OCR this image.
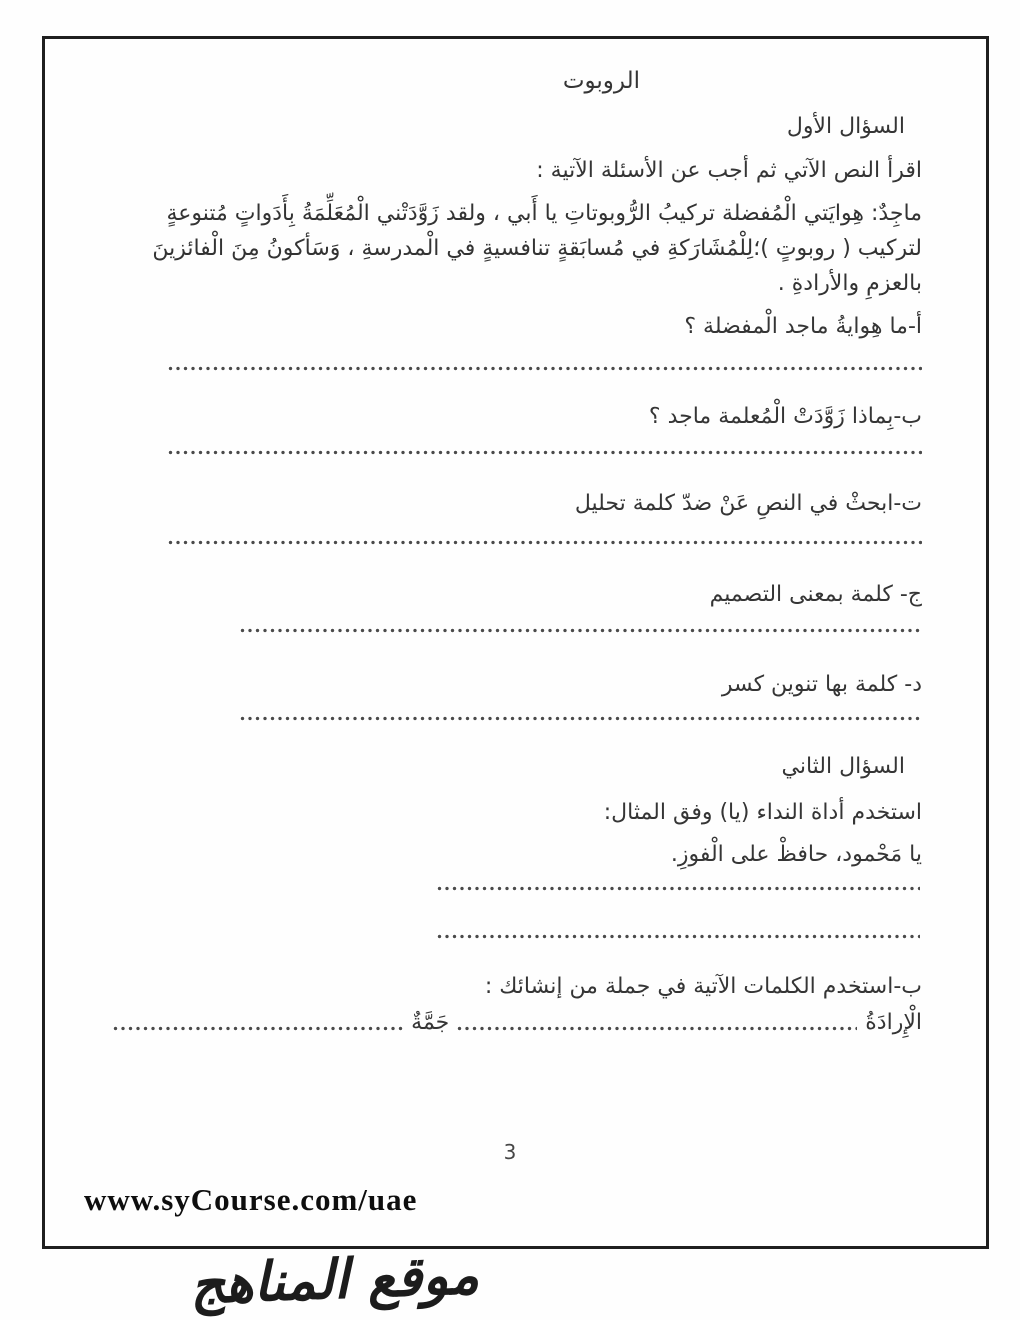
الروبوت
السؤال الأول
اقرأ النص الآتي ثم أجب عن الأسئلة الآتية :
ماجِدٌ: هِوايَتي الْمُفضلة تركيبُ الرُّوبوتاتِ يا أَبي ، ولقد زَوَّدَتْني الْمُعَلِّمَةُ بِأَدَواتٍ مُتنوعةٍ لتركيب ( روبوتٍ )؛لِلْمُشَارَكةِ في مُسابَقةٍ تنافسيةٍ في الْمدرسةِ ، وَسَأكونُ مِنَ الْفائزينَ بالعزمِ والأرادةِ .
أ-ما هِوايةُ ماجد الْمفضلة ؟
ب-بِماذا زَوَّدَتْ الْمُعلمة ماجد ؟
ت-ابحثْ في النصِ عَنْ ضدّ كلمة تحليل
ج- كلمة بمعنى التصميم
د- كلمة بها تنوين كسر
السؤال الثاني
استخدم أداة النداء (يا) وفق المثال:
يا مَحْمود، حافظْ على الْفوزِ.
ب-استخدم الكلمات الآتية في جملة من إنشائك :
الْإِرادَةُ
جَمَّةٌ
3
www.syCourse.com/uae
موقع المناهج
